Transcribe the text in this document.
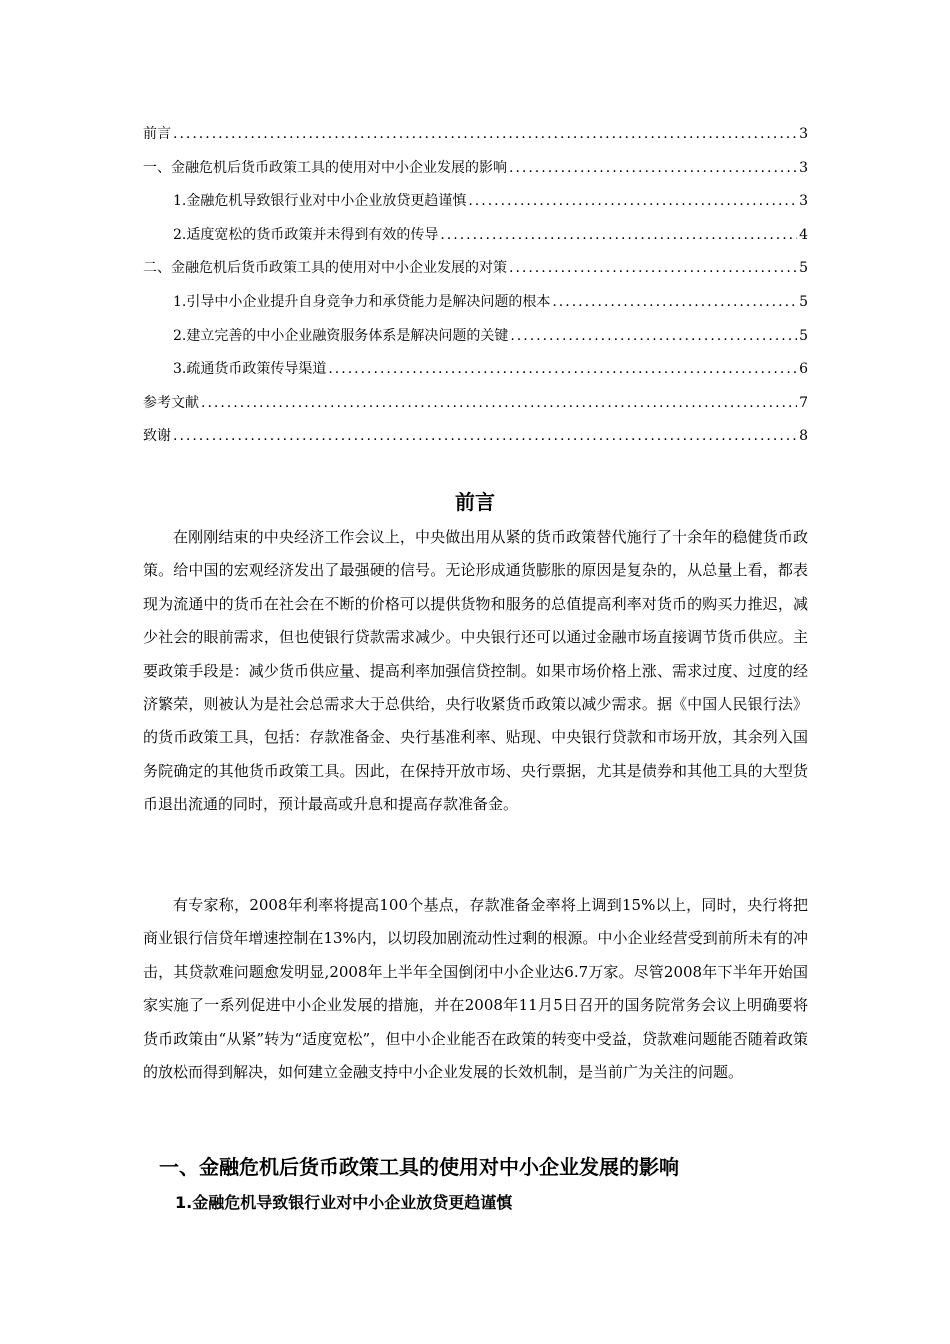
前言 .....	3
一、金融危机后货币政策工具的使用对中小企业发展的影响 .....	3
1.金融危机导致银行业对中小企业放贷更趋谨慎 .....	3
2.适度宽松的货币政策并未得到有效的传导 .....	4
二、金融危机后货币政策工具的使用对中小企业发展的对策 .....	5
1.引导中小企业提升自身竞争力和承贷能力是解决问题的根本 .....	5
2.建立完善的中小企业融资服务体系是解决问题的关键 .....	5
3.疏通货币政策传导渠道 .....	6
参考文献 .....	7
致谢 .....	8
前言

在刚刚结束的中央经济工作会议上，中央做出用从紧的货币政策替代施行了十余年的稳健货币政策。给中国的宏观经济发出了最强硬的信号。无论形成通货膨胀的原因是复杂的，从总量上看，都表现为流通中的货币在社会在不断的价格可以提供货物和服务的总值提高利率对货币的购买力推迟，减少社会的眼前需求，但也使银行贷款需求减少。中央银行还可以通过金融市场直接调节货币供应。主要政策手段是：减少货币供应量、提高利率加强信贷控制。如果市场价格上涨、需求过度、过度的经济繁荣，则被认为是社会总需求大于总供给，央行收紧货币政策以减少需求。据《中国人民银行法》的货币政策工具，包括：存款准备金、央行基准利率、贴现、中央银行贷款和市场开放，其余列入国务院确定的其他货币政策工具。因此，在保持开放市场、央行票据，尤其是债券和其他工具的大型货币退出流通的同时，预计最高或升息和提高存款准备金。

有专家称，2008年利率将提高100个基点，存款准备金率将上调到15%以上，同时，央行将把商业银行信贷年增速控制在13%内，以切段加剧流动性过剩的根源。中小企业经营受到前所未有的冲击，其贷款难问题愈发明显,2008年上半年全国倒闭中小企业达6.7万家。尽管2008年下半年开始国家实施了一系列促进中小企业发展的措施，并在2008年11月5日召开的国务院常务会议上明确要将货币政策由“从紧”转为“适度宽松”，但中小企业能否在政策的转变中受益，贷款难问题能否随着政策的放松而得到解决，如何建立金融支持中小企业发展的长效机制，是当前广为关注的问题。

一、金融危机后货币政策工具的使用对中小企业发展的影响
1.金融危机导致银行业对中小企业放贷更趋谨慎
